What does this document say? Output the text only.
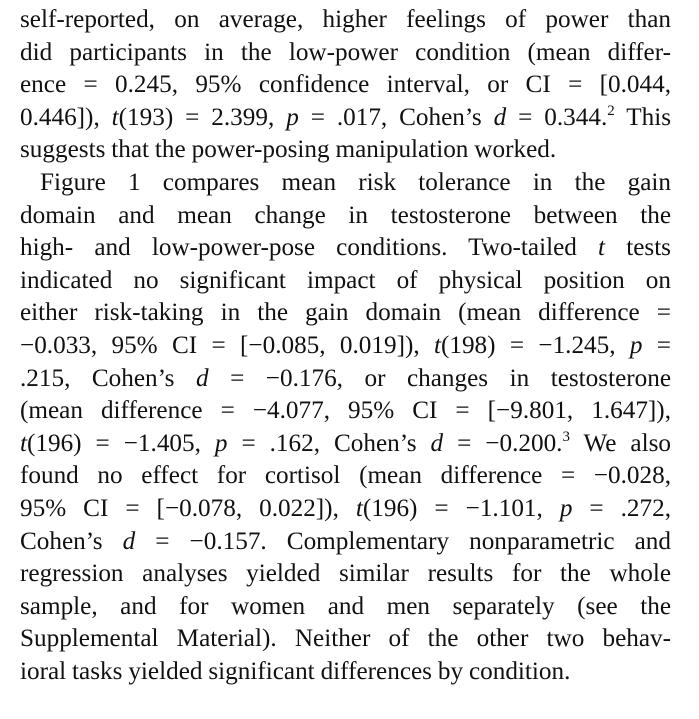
self-reported, on average, higher feelings of power than
did participants in the low-power condition (mean differ-
ence = 0.245, 95% confidence interval, or CI = [0.044,
0.446]), t(193) = 2.399, p = .017, Cohen’s d = 0.344.$^2$ This
suggests that the power-posing manipulation worked.
Figure 1 compares mean risk tolerance in the gain
domain and mean change in testosterone between the
high- and low-power-pose conditions. Two-tailed t tests
indicated no significant impact of physical position on
either risk-taking in the gain domain (mean difference =
−0.033, 95% CI = [−0.085, 0.019]), t(198) = −1.245, p =
.215, Cohen’s d = −0.176, or changes in testosterone
(mean difference = −4.077, 95% CI = [−9.801, 1.647]),
t(196) = −1.405, p = .162, Cohen’s d = −0.200.$^3$ We also
found no effect for cortisol (mean difference = −0.028,
95% CI = [−0.078, 0.022]), t(196) = −1.101, p = .272,
Cohen’s d = −0.157. Complementary nonparametric and
regression analyses yielded similar results for the whole
sample, and for women and men separately (see the
Supplemental Material). Neither of the other two behav-
ioral tasks yielded significant differences by condition.
